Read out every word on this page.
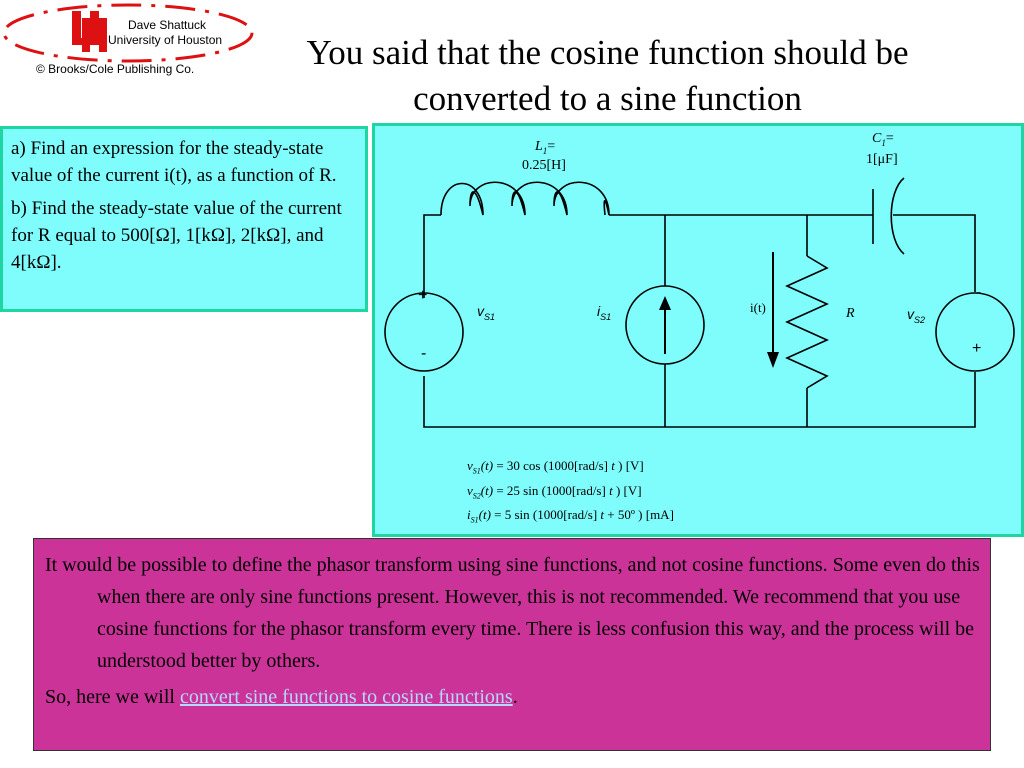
Dave Shattuck
University of Houston
© Brooks/Cole Publishing Co.	You said that the cosine function should be
converted to a sine function

a) Find an expression for the steady-state value of the current i(t), as a function of R.

b) Find the steady-state value of the current for R equal to 500[Ω], 1[kΩ], 2[kΩ], and 4[kΩ].

$L_1=$
0.25[H]
$C_1=$
1[μF]
+
-
$v_{S1}$	$i_{S1}$
i(t)	R	$v_{S2}$
-
+
$v_{S1}(t) = 30$ cos (1000[rad/s] t ) [V]
$v_{S2}(t) = 25$ sin (1000[rad/s] t ) [V]
$i_{S1}(t) = 5$ sin (1000[rad/s] t + 50º ) [mA]

It would be possible to define the phasor transform using sine functions, and not cosine functions. Some even do this when there are only sine functions present. However, this is not recommended. We recommend that you use cosine functions for the phasor transform every time. There is less confusion this way, and the process will be understood better by others.

So, here we will convert sine functions to cosine functions.
